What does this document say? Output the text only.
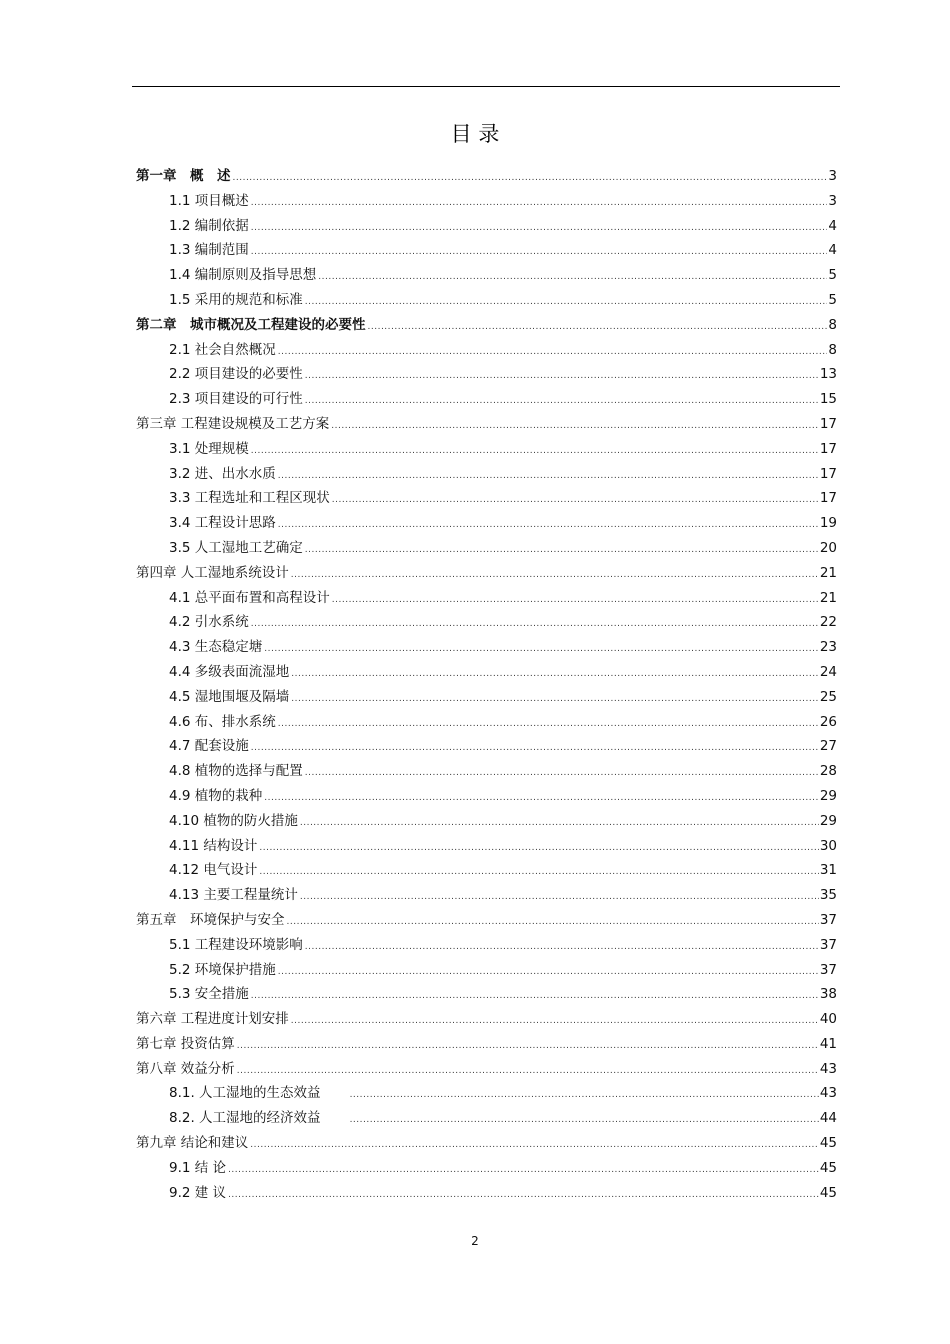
目 录
第一章　概　述 .....	3
1.1 项目概述 .....	3
1.2 编制依据 .....	4
1.3 编制范围 .....	4
1.4 编制原则及指导思想 .....	5
1.5 采用的规范和标准 .....	5
第二章　城市概况及工程建设的必要性 .....	8
2.1 社会自然概况 .....	8
2.2 项目建设的必要性 .....	13
2.3 项目建设的可行性 .....	15
第三章 工程建设规模及工艺方案 .....	17
3.1 处理规模 .....	17
3.2 进、出水水质 .....	17
3.3 工程选址和工程区现状 .....	17
3.4 工程设计思路 .....	19
3.5 人工湿地工艺确定 .....	20
第四章 人工湿地系统设计 .....	21
4.1 总平面布置和高程设计 .....	21
4.2 引水系统 .....	22
4.3 生态稳定塘 .....	23
4.4 多级表面流湿地 .....	24
4.5 湿地围堰及隔墙 .....	25
4.6 布、排水系统 .....	26
4.7 配套设施 .....	27
4.8 植物的选择与配置 .....	28
4.9 植物的栽种 .....	29
4.10 植物的防火措施 .....	29
4.11 结构设计 .....	30
4.12 电气设计 .....	31
4.13 主要工程量统计 .....	35
第五章　环境保护与安全 .....	37
5.1 工程建设环境影响 .....	37
5.2 环境保护措施 .....	37
5.3 安全措施 .....	38
第六章 工程进度计划安排 .....	40
第七章 投资估算 .....	41
第八章 效益分析 .....	43
8.1. 人工湿地的生态效益　　 .....	43
8.2. 人工湿地的经济效益　　 .....	44
第九章 结论和建议 .....	45
9.1 结 论 .....	45
9.2 建 议 .....	45
2
